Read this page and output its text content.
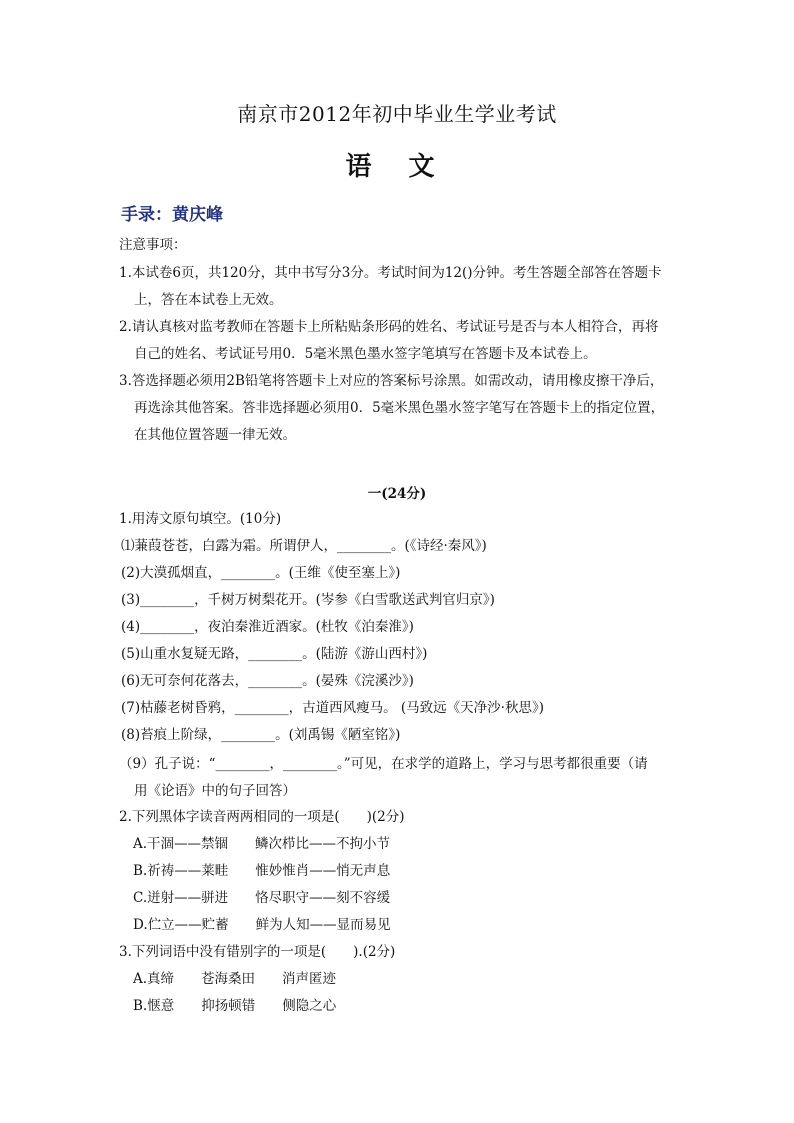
南京市2012年初中毕业生学业考试
语 文
手录：黄庆峰
注意事项：
1.本试卷6页，共120分，其中书写分3分。考试时间为12()分钟。考生答题全部答在答题卡
上，答在本试卷上无效。
2.请认真核对监考教师在答题卡上所粘贴条形码的姓名、考试证号是否与本人相符合，再将
自己的姓名、考试证号用0．5毫米黑色墨水签字笔填写在答题卡及本试卷上。
3.答选择题必须用2B铅笔将答题卡上对应的答案标号涂黑。如需改动，请用橡皮擦干净后，
再选涂其他答案。答非选择题必须用0．5毫米黑色墨水签字笔写在答题卡上的指定位置，
在其他位置答题一律无效。
一(24分)
1.用涛文原句填空。(10分)
⑴蒹葭苍苍，白露为霜。所谓伊人，________。(《诗经·秦风》)
(2)大漠孤烟直，________。(王维《使至塞上》)
(3)________，千树万树梨花开。(岑参《白雪歌送武判官归京》)
(4)________，夜泊秦淮近酒家。(杜牧《泊秦淮》)
(5)山重水复疑无路，________。(陆游《游山西村》)
(6)无可奈何花落去，________。(晏殊《浣溪沙》)
(7)枯藤老树昏鸦，________，古道西风瘦马。 (马致远《天净沙·秋思》)
(8)苔痕上阶绿，________。(刘禹锡《陋室铭》)
（9）孔子说：“________，________。”可见，在求学的道路上，学习与思考都很重要（请
用《论语》中的句子回答）
2.下列黑体字读音两两相同的一项是(　　)(2分)
A.干涸——禁锢　　鳞次栉比——不拘小节
B.祈祷——莱畦　　惟妙惟肖——悄无声息
C.迸射——骈进　　恪尽职守——刻不容缓
D.伫立——贮蓄　　鲜为人知——显而易见
3.下列词语中没有错别字的一项是(　　).(2分)
A.真缔　　苍海桑田　　消声匿迹
B.惬意　　抑扬顿错　　侧隐之心
